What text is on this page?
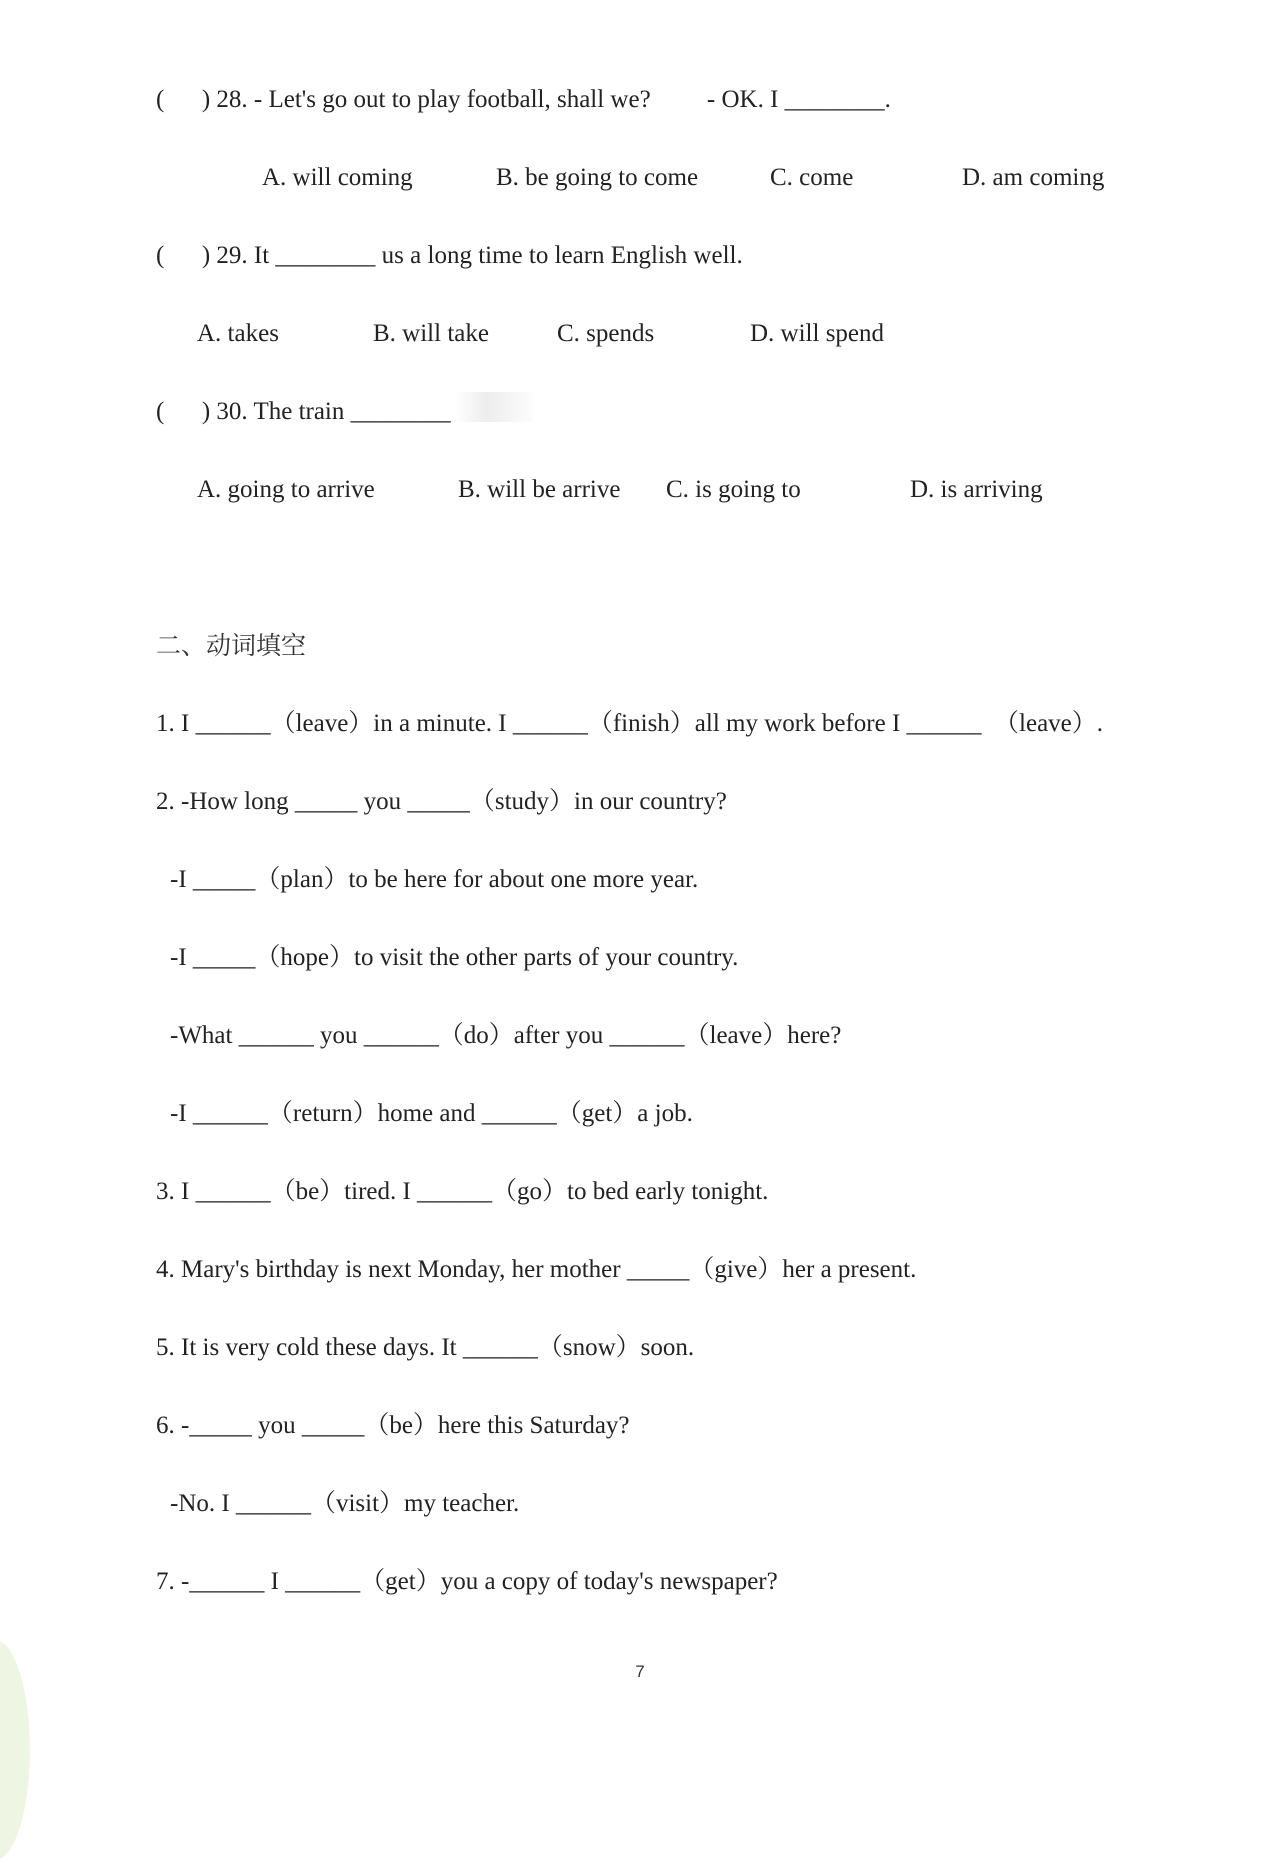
(      ) 28. - Let's go out to play football, shall we?         - OK. I ________.
A. will coming	B. be going to come	C. come	D. am coming
(      ) 29. It ________ us a long time to learn English well.
A. takes	B. will take	C. spends	D. will spend
(      ) 30. The train ________
A. going to arrive	B. will be arrive C. is going to	D. is arriving
二、动词填空
1. I ______（leave）in a minute. I ______（finish）all my work before I ______  （leave）.
2. -How long _____ you _____（study）in our country?
-I _____（plan）to be here for about one more year.
-I _____（hope）to visit the other parts of your country.
-What ______ you ______（do）after you ______（leave）here?
-I ______（return）home and ______（get）a job.
3. I ______（be）tired. I ______（go）to bed early tonight.
4. Mary's birthday is next Monday, her mother _____（give）her a present.
5. It is very cold these days. It ______（snow）soon.
6. -_____ you _____（be）here this Saturday?
-No. I ______（visit）my teacher.
7. -______ I ______（get）you a copy of today's newspaper?
7
